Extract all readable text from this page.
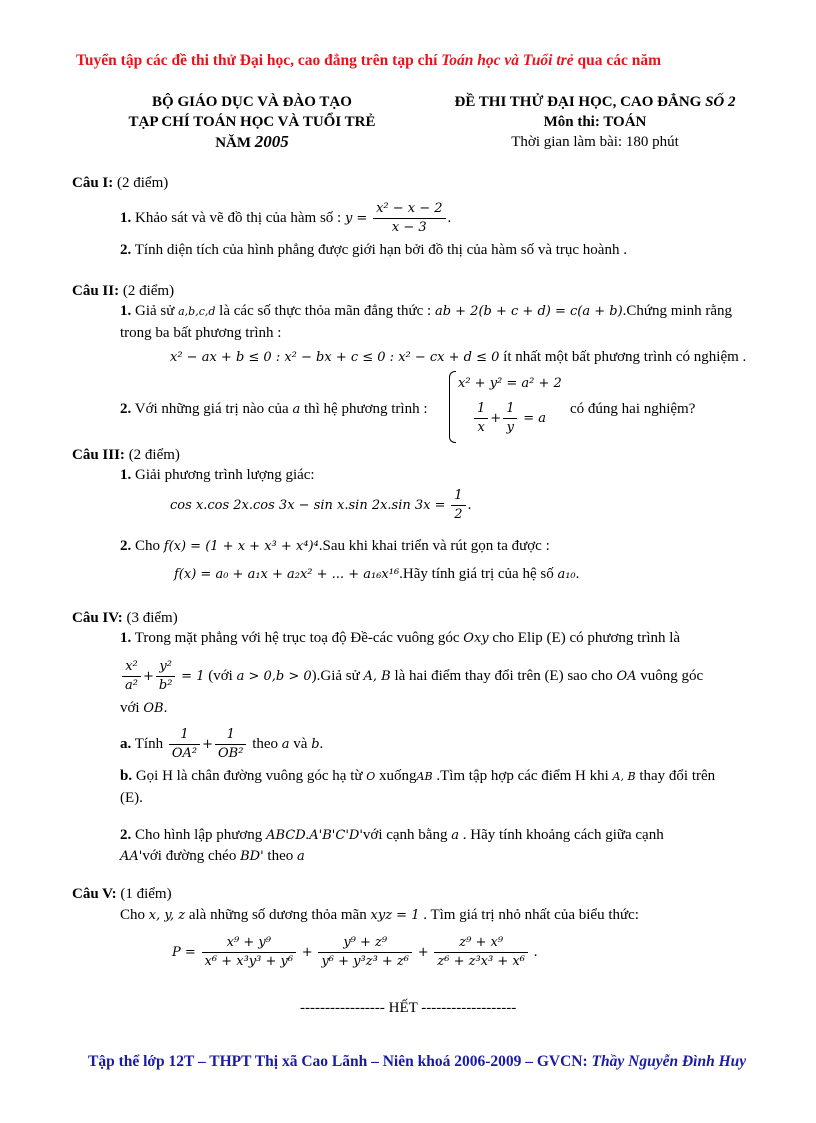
Tuyển tập các đề thi thử Đại học, cao đẳng trên tạp chí Toán học và Tuổi trẻ qua các năm
BỘ GIÁO DỤC VÀ ĐÀO TẠO
TẠP CHÍ TOÁN HỌC VÀ TUỔI TRẺ
NĂM 2005
ĐỀ THI THỬ ĐẠI HỌC, CAO ĐẲNG SỐ 2
Môn thi: TOÁN
Thời gian làm bài: 180 phút
Câu I: (2 điểm)
1. Khảo sát và vẽ đồ thị của hàm số : $y = \frac{\text{x² − x − 2}}{x - 3}$ .
2. Tính diện tích của hình phẳng được giới hạn bởi đồ thị của hàm số và trục hoành .
Câu II: (2 điểm)
1. Giả sử a,b,c,d là các số thực thỏa mãn đẳng thức : ab + 2(b + c + d) = c(a + b).Chứng minh rằng
trong ba bất phương trình :
x² − ax + b ≤ 0 : x² − bx + c ≤ 0 : x² − cx + d ≤ 0 ít nhất một bất phương trình có nghiệm .
2. Với những giá trị nào của a thì hệ phương trình :
x² + y² = a² + 2
$\frac{1}{x} + \frac{1}{y} = a$
có đúng hai nghiệm?
Câu III: (2 điểm)
1. Giải phương trình lượng giác:
cos x.cos 2x.cos 3x − sin x.sin 2x.sin $3x = \frac{1}{2}$ .
2. Cho f(x) = (1 + x + x³ + x⁴)⁴.Sau khi khai triển và rút gọn ta được :
f(x) = a₀ + a₁x + a₂x² + ... + a₁₆x¹⁶.Hãy tính giá trị của hệ số a₁₀.
Câu IV: (3 điểm)
1. Trong mặt phẳng với hệ trục toạ độ Đề-các vuông góc Oxy cho Elip (E) có phương trình là
$\frac{\text{x²}}{\text{a²}} + \frac{\text{y²}}{\text{b²}} = 1$ (với a > 0,b > 0).Giả sử A, B là hai điểm thay đổi trên (E) sao cho OA vuông góc
với OB.
a. Tính $\frac{1}{\text{OA²}} + \frac{1}{\text{OB²}}$ theo a và b.
b. Gọi H là chân đường vuông góc hạ từ O xuốngAB .Tìm tập hợp các điểm H khi A, B thay đổi trên
(E).
2. Cho hình lập phương ABCD.A'B'C'D'với cạnh bằng a . Hãy tính khoảng cách giữa cạnh
AA'với đường chéo BD' theo a
Câu V: (1 điểm)
Cho x, y, z alà những số dương thỏa mãn xyz = 1 . Tìm giá trị nhỏ nhất của biểu thức:
$P = \frac{\text{x⁹ + y⁹}}{\text{x⁶ + x³y³ + y⁶}} + \frac{\text{y⁹ + z⁹}}{\text{y⁶ + y³z³ + z⁶}} + \frac{\text{z⁹ + x⁹}}{\text{z⁶ + z³x³ + x⁶}}$ .
----------------- HẾT -------------------
Tập thể lớp 12T – THPT Thị xã Cao Lãnh – Niên khoá 2006-2009 – GVCN: Thầy Nguyễn Đình Huy
